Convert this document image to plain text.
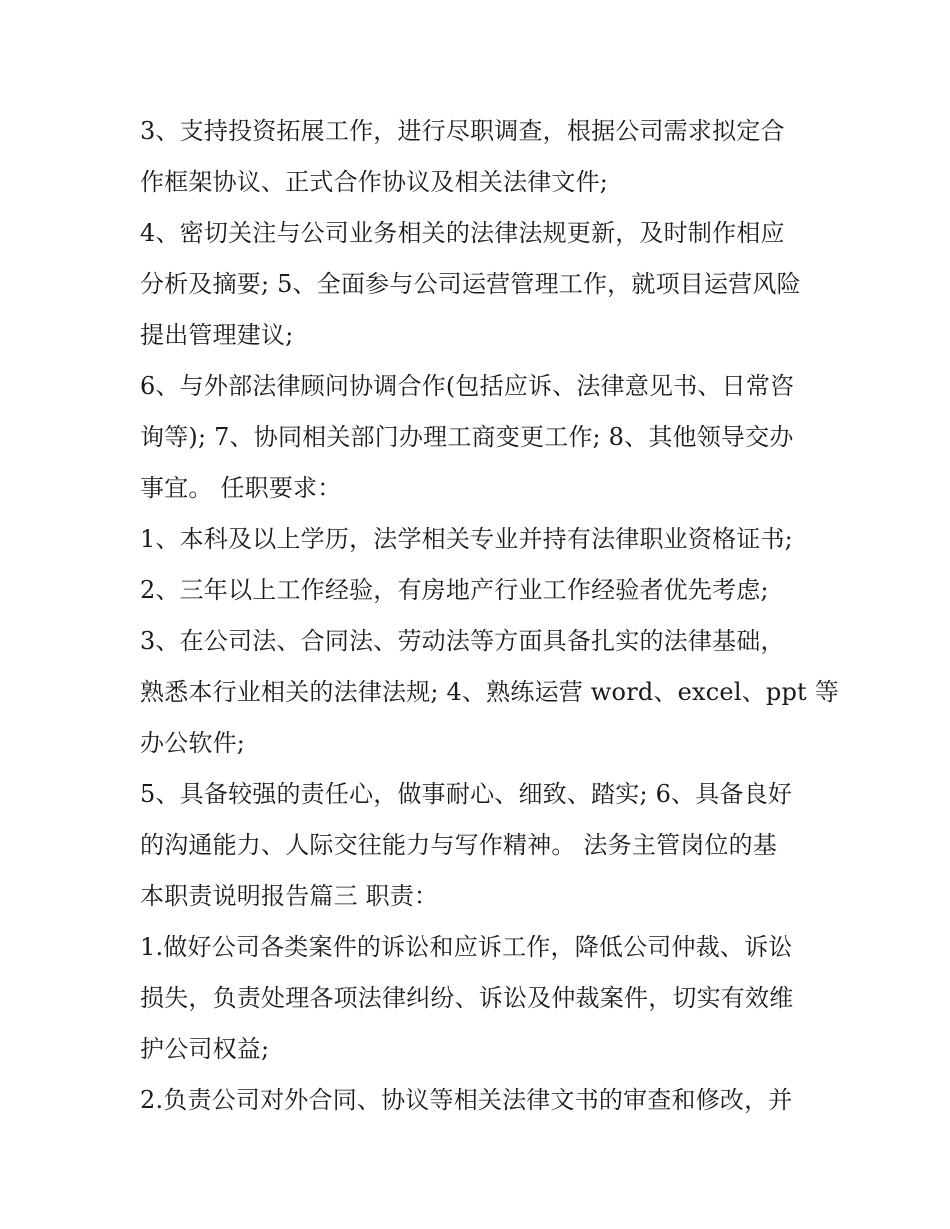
3、支持投资拓展工作，进行尽职调查，根据公司需求拟定合
作框架协议、正式合作协议及相关法律文件;
4、密切关注与公司业务相关的法律法规更新，及时制作相应
分析及摘要; 5、全面参与公司运营管理工作，就项目运营风险
提出管理建议;
6、与外部法律顾问协调合作(包括应诉、法律意见书、日常咨
询等); 7、协同相关部门办理工商变更工作; 8、其他领导交办
事宜。 任职要求：
1、本科及以上学历，法学相关专业并持有法律职业资格证书;
2、三年以上工作经验，有房地产行业工作经验者优先考虑;
3、在公司法、合同法、劳动法等方面具备扎实的法律基础，
熟悉本行业相关的法律法规; 4、熟练运营 word、excel、ppt 等
办公软件;
5、具备较强的责任心，做事耐心、细致、踏实; 6、具备良好
的沟通能力、人际交往能力与写作精神。 法务主管岗位的基
本职责说明报告篇三 职责：
1.做好公司各类案件的诉讼和应诉工作，降低公司仲裁、诉讼
损失，负责处理各项法律纠纷、诉讼及仲裁案件，切实有效维
护公司权益;
2.负责公司对外合同、协议等相关法律文书的审查和修改，并
